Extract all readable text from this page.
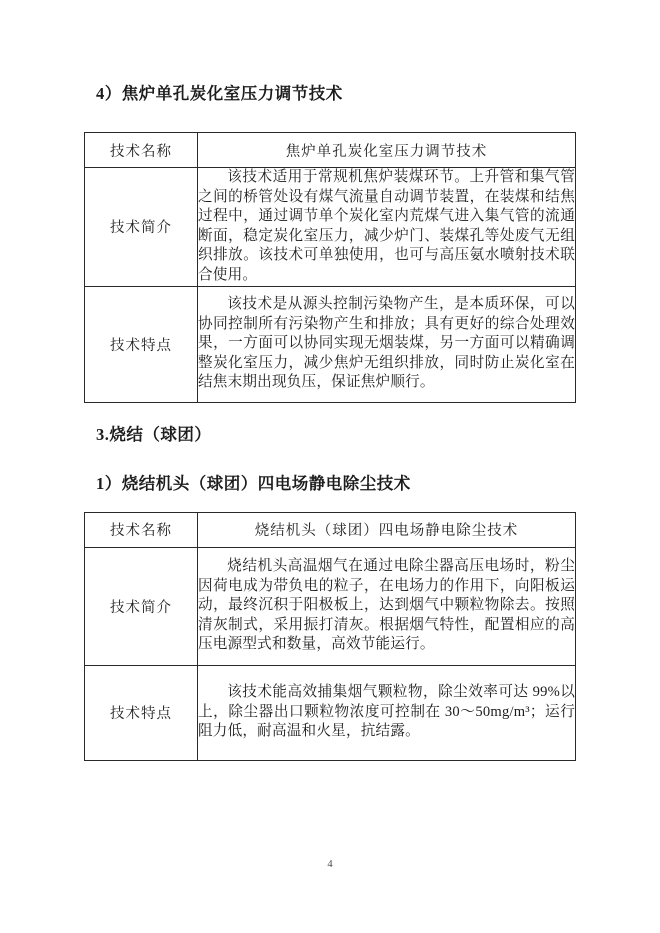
4）焦炉单孔炭化室压力调节技术
技术名称	焦炉单孔炭化室压力调节技术
技术简介	该技术适用于常规机焦炉装煤环节。上升管和集气管之间的桥管处设有煤气流量自动调节装置，在装煤和结焦过程中，通过调节单个炭化室内荒煤气进入集气管的流通断面，稳定炭化室压力，减少炉门、装煤孔等处废气无组织排放。该技术可单独使用，也可与高压氨水喷射技术联合使用。
技术特点	该技术是从源头控制污染物产生，是本质环保，可以协同控制所有污染物产生和排放；具有更好的综合处理效果，一方面可以协同实现无烟装煤，另一方面可以精确调整炭化室压力，减少焦炉无组织排放，同时防止炭化室在结焦末期出现负压，保证焦炉顺行。
3.烧结（球团）
1）烧结机头（球团）四电场静电除尘技术
技术名称	烧结机头（球团）四电场静电除尘技术
技术简介	烧结机头高温烟气在通过电除尘器高压电场时，粉尘因荷电成为带负电的粒子，在电场力的作用下，向阳板运动，最终沉积于阳极板上，达到烟气中颗粒物除去。按照清灰制式，采用振打清灰。根据烟气特性，配置相应的高压电源型式和数量，高效节能运行。
技术特点	该技术能高效捕集烟气颗粒物，除尘效率可达 99%以上，除尘器出口颗粒物浓度可控制在 30～50mg/m³；运行阻力低，耐高温和火星，抗结露。
4
